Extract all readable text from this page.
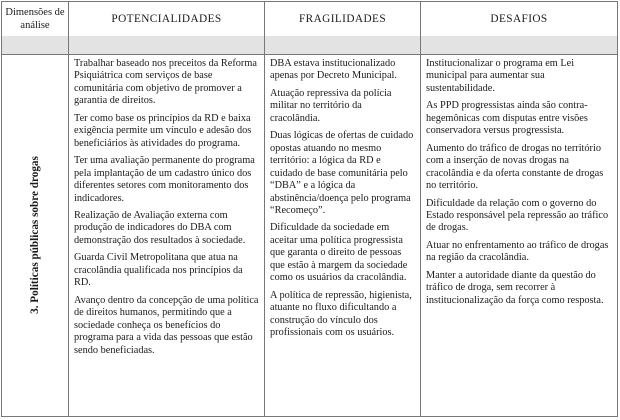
Dimensões de análise
POTENCIALIDADES	FRAGILIDADES	DESAFIOS
3. Políticas públicas sobre drogas

Trabalhar baseado nos preceitos da Reforma Psiquiátrica com serviços de base comunitária com objetivo de promover a garantia de direitos.

Ter como base os princípios da RD e baixa exigência permite um vínculo e adesão dos beneficiários às atividades do programa.

Ter uma avaliação permanente do programa pela implantação de um cadastro único dos diferentes setores com monitoramento dos indicadores.

Realização de Avaliação externa com produção de indicadores do DBA com demonstração dos resultados à sociedade.

Guarda Civil Metropolitana que atua na cracolândia qualificada nos princípios da RD.

Avanço dentro da concepção de uma política de direitos humanos, permitindo que a sociedade conheça os benefícios do programa para a vida das pessoas que estão sendo beneficiadas.

DBA estava institucionalizado apenas por Decreto Municipal.

Atuação repressiva da polícia militar no território da cracolândia.

Duas lógicas de ofertas de cuidado opostas atuando no mesmo território: a lógica da RD e cuidado de base comunitária pelo “DBA” e a lógica da abstinência/doença pelo programa “Recomeço”.

Dificuldade da sociedade em aceitar uma política progressista que garanta o direito de pessoas que estão à margem da sociedade como os usuários da cracolândia.

A política de repressão, higienista, atuante no fluxo dificultando a construção do vínculo dos profissionais com os usuários.

Institucionalizar o programa em Lei municipal para aumentar sua sustentabilidade.

As PPD progressistas ainda são contra-hegemônicas com disputas entre visões conservadora versus progressista.

Aumento do tráfico de drogas no território com a inserção de novas drogas na cracolândia e da oferta constante de drogas no território.

Dificuldade da relação com o governo do Estado responsável pela repressão ao tráfico de drogas.

Atuar no enfrentamento ao tráfico de drogas na região da cracolândia.

Manter a autoridade diante da questão do tráfico de droga, sem recorrer à institucionalização da força como resposta.
